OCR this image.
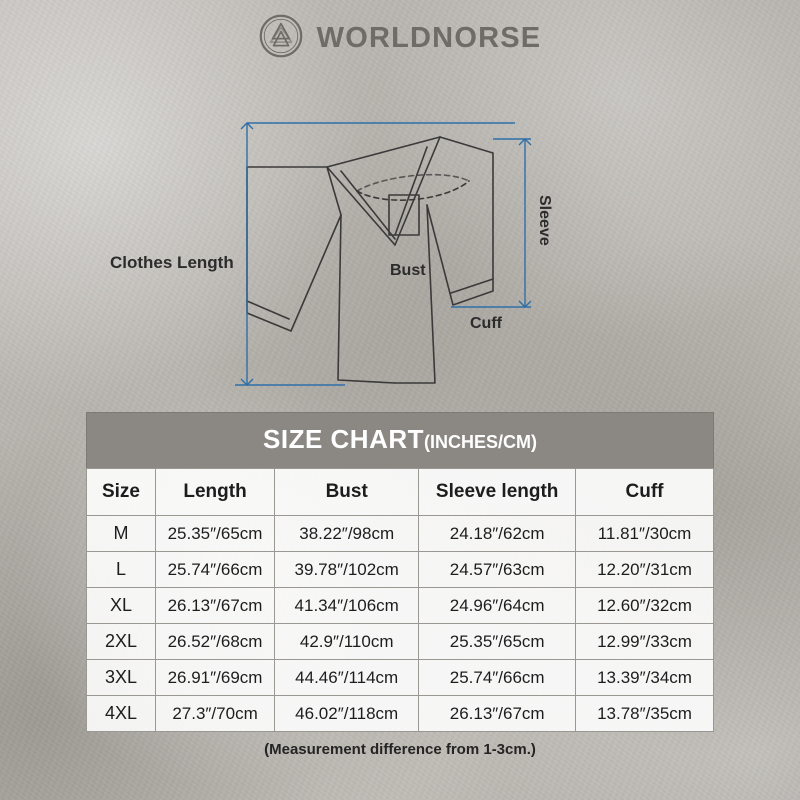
WORLDNORSE
Clothes Length	Bust
Sleeve
Cuff
SIZE CHART(INCHES/CM)
Size	Length	Bust	Sleeve length	Cuff
M	25.35″/65cm	38.22″/98cm	24.18″/62cm	11.81″/30cm
L	25.74″/66cm	39.78″/102cm	24.57″/63cm	12.20″/31cm
XL	26.13″/67cm	41.34″/106cm	24.96″/64cm	12.60″/32cm
2XL	26.52″/68cm	42.9″/110cm	25.35″/65cm	12.99″/33cm
3XL	26.91″/69cm	44.46″/114cm	25.74″/66cm	13.39″/34cm
4XL	27.3″/70cm	46.02″/118cm	26.13″/67cm	13.78″/35cm
(Measurement difference from 1-3cm.)
